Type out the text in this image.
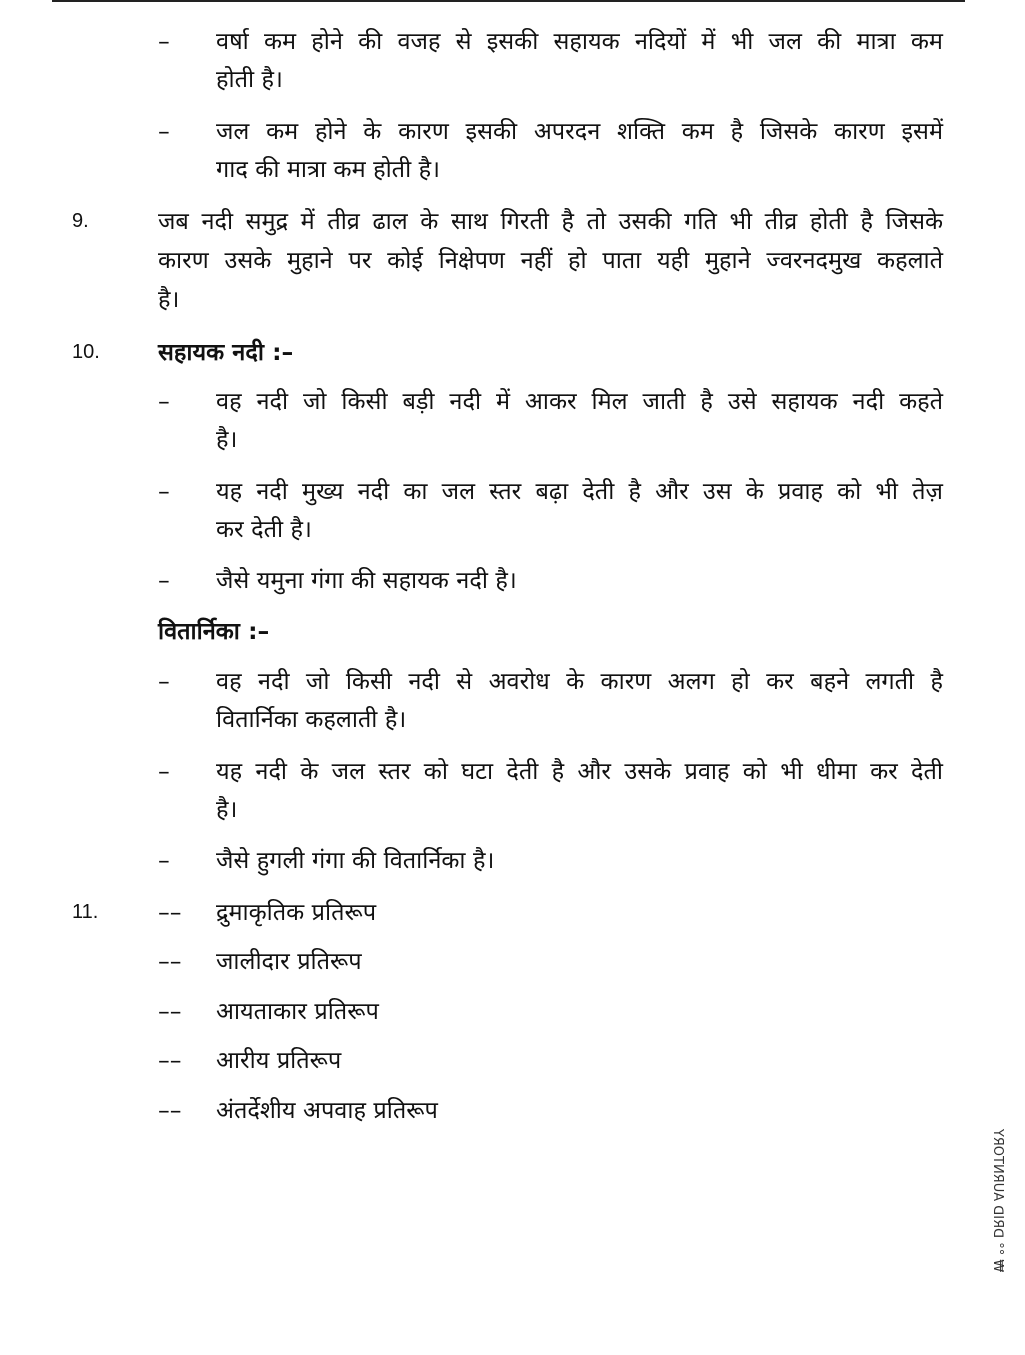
– वर्षा कम होने की वजह से इसकी सहायक नदियों में भी जल की मात्रा कम
होती है।
– जल कम होने के कारण इसकी अपरदन शक्ति कम है जिसके कारण इसमें
गाद की मात्रा कम होती है।
9.	जब नदी समुद्र में तीव्र ढाल के साथ गिरती है तो उसकी गति भी तीव्र होती है जिसके
कारण उसके मुहाने पर कोई निक्षेपण नहीं हो पाता यही मुहाने ज्वरनदमुख कहलाते
है।
10. सहायक नदी :–
– वह नदी जो किसी बड़ी नदी में आकर मिल जाती है उसे सहायक नदी कहते
है।
– यह नदी मुख्य नदी का जल स्तर बढ़ा देती है और उस के प्रवाह को भी तेज़
कर देती है।
– जैसे यमुना गंगा की सहायक नदी है।
वितार्निका :–
– वह नदी जो किसी नदी से अवरोध के कारण अलग हो कर बहने लगती है
वितार्निका कहलाती है।
– यह नदी के जल स्तर को घटा देती है और उसके प्रवाह को भी धीमा कर देती
है।
– जैसे हुगली गंगा की वितार्निका है।
11.	–– द्रुमाकृतिक प्रतिरूप
–– जालीदार प्रतिरूप
–– आयताकार प्रतिरूप
–– आरीय प्रतिरूप
–– अंतर्देशीय अपवाह प्रतिरूप
YЯOTИЯUA ᗡIЯᗡ °° ₩
